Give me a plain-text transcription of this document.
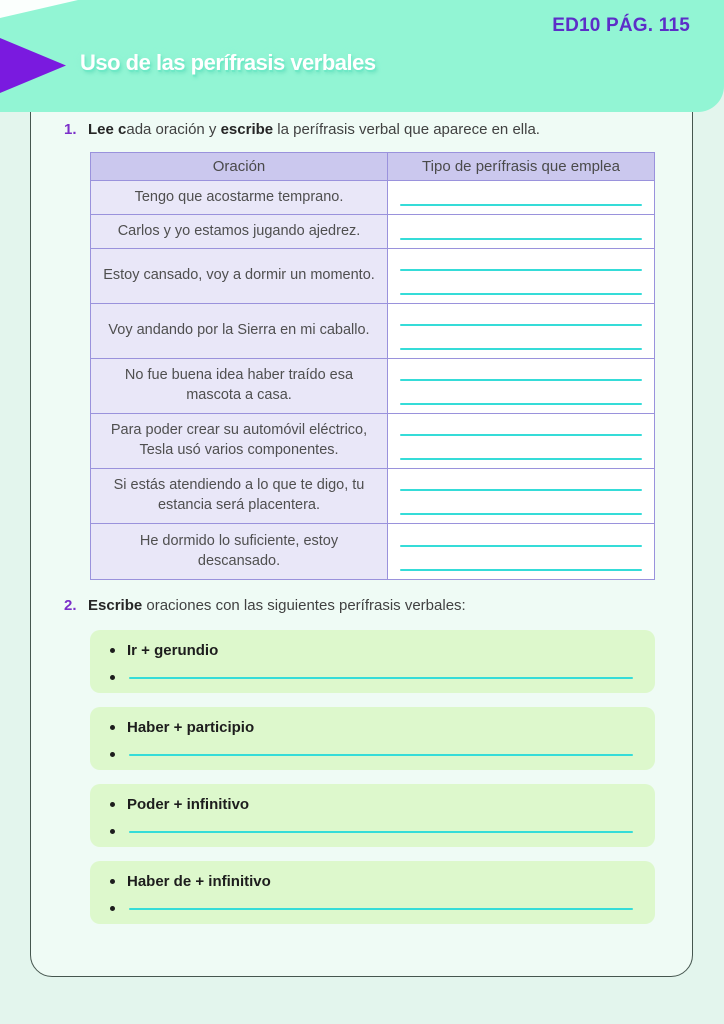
ED10 PÁG. 115
Uso de las perífrasis verbales
1. Lee cada oración y escribe la perífrasis verbal que aparece en ella.
Oración	Tipo de perífrasis que emplea
Tengo que acostarme temprano.
Carlos y yo estamos jugando ajedrez.
Estoy cansado, voy a dormir un momento.
Voy andando por la Sierra en mi caballo.
No fue buena idea haber traído esa mascota a casa.
Para poder crear su automóvil eléctrico, Tesla usó varios componentes.
Si estás atendiendo a lo que te digo, tu estancia será placentera.
He dormido lo suficiente, estoy descansado.
2. Escribe oraciones con las siguientes perífrasis verbales:
Ir + gerundio
Haber + participio
Poder + infinitivo
Haber de + infinitivo
